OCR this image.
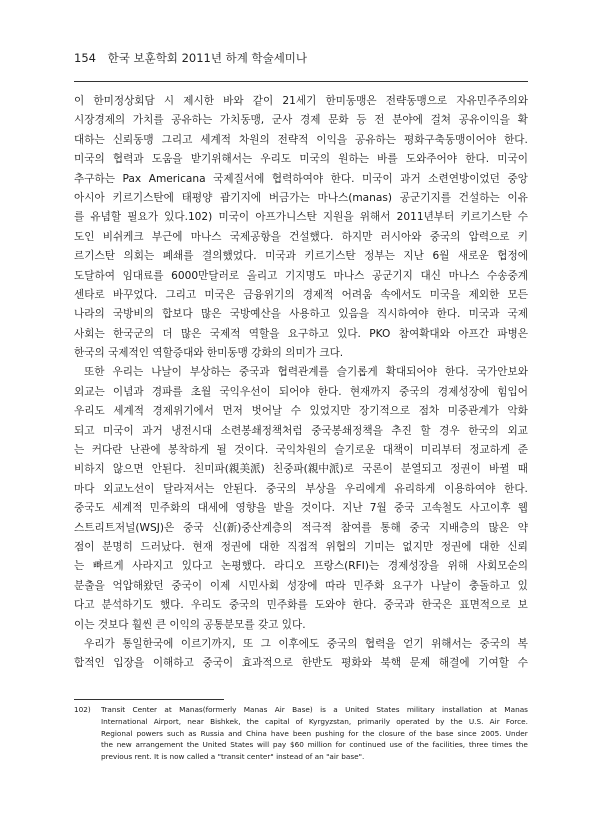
154 한국 보훈학회 2011년 하계 학술세미나
이 한미정상회담 시 제시한 바와 같이 21세기 한미동맹은 전략동맹으로 자유민주주의와
시장경제의 가치를 공유하는 가치동맹, 군사 경제 문화 등 전 분야에 걸쳐 공유이익을 확
대하는 신뢰동맹 그리고 세계적 차원의 전략적 이익을 공유하는 평화구축동맹이어야 한다.
미국의 협력과 도움을 받기위해서는 우리도 미국의 원하는 바를 도와주어야 한다. 미국이
추구하는 Pax Americana 국제질서에 협력하여야 한다. 미국이 과거 소련연방이었던 중앙
아시아 키르기스탄에 태평양 괌기지에 버금가는 마나스(manas) 공군기지를 건설하는 이유
를 유념할 필요가 있다.102) 미국이 아프가니스탄 지원을 위해서 2011년부터 키르기스탄 수
도인 비쉬케크 부근에 마나스 국제공항을 건설했다. 하지만 러시아와 중국의 압력으로 키
르기스탄 의회는 폐쇄를 결의했었다. 미국과 키르기스탄 정부는 지난 6월 새로운 협정에
도달하여 임대료를 6000만달러로 올리고 기지명도 마나스 공군기지 대신 마나스 수송중계
센타로 바꾸었다. 그리고 미국은 금융위기의 경제적 어려움 속에서도 미국을 제외한 모든
나라의 국방비의 합보다 많은 국방예산을 사용하고 있음을 직시하여야 한다. 미국과 국제
사회는 한국군의 더 많은 국제적 역할을 요구하고 있다. PKO 참여확대와 아프간 파병은
한국의 국제적인 역할증대와 한미동맹 강화의 의미가 크다.
또한 우리는 나날이 부상하는 중국과 협력관계를 슬기롭게 확대되어야 한다. 국가안보와
외교는 이념과 경파를 초월 국익우선이 되어야 한다. 현재까지 중국의 경제성장에 힘입어
우리도 세계적 경제위기에서 먼저 벗어날 수 있었지만 장기적으로 점차 미중관계가 악화
되고 미국이 과거 냉전시대 소련봉쇄정책처럼 중국봉쇄정책을 추진 할 경우 한국의 외교
는 커다란 난관에 봉착하게 될 것이다. 국익차원의 슬기로운 대책이 미리부터 정교하게 준
비하지 않으면 안된다. 친미파(親美派) 친중파(親中派)로 국론이 분열되고 정권이 바뀔 때
마다 외교노선이 달라져서는 안된다. 중국의 부상을 우리에게 유리하게 이용하여야 한다.
중국도 세계적 민주화의 대세에 영향을 받을 것이다. 지난 7월 중국 고속철도 사고이후 웹
스트리트저널(WSJ)은 중국 신(新)중산계층의 적극적 참여를 통해 중국 지배층의 많은 약
점이 분명히 드러났다. 현재 정권에 대한 직접적 위협의 기미는 없지만 정권에 대한 신뢰
는 빠르게 사라지고 있다고 논평했다. 라디오 프랑스(RFI)는 경제성장을 위해 사회모순의
분출을 억압해왔던 중국이 이제 시민사회 성장에 따라 민주화 요구가 나날이 충돌하고 있
다고 분석하기도 했다. 우리도 중국의 민주화를 도와야 한다. 중국과 한국은 표면적으로 보
이는 것보다 훨씬 큰 이익의 공통분모를 갖고 있다.
우리가 통일한국에 이르기까지, 또 그 이후에도 중국의 협력을 얻기 위해서는 중국의 복
합적인 입장을 이해하고 중국이 효과적으로 한반도 평화와 북핵 문제 해결에 기여할 수
102)	Transit Center at Manas(formerly Manas Air Base) is a United States military installation at Manas
International Airport, near Bishkek, the capital of Kyrgyzstan, primarily operated by the U.S. Air Force.
Regional powers such as Russia and China have been pushing for the closure of the base since 2005. Under
the new arrangement the United States will pay $60 million for continued use of the facilities, three times the
previous rent. It is now called a "transit center" instead of an "air base".
